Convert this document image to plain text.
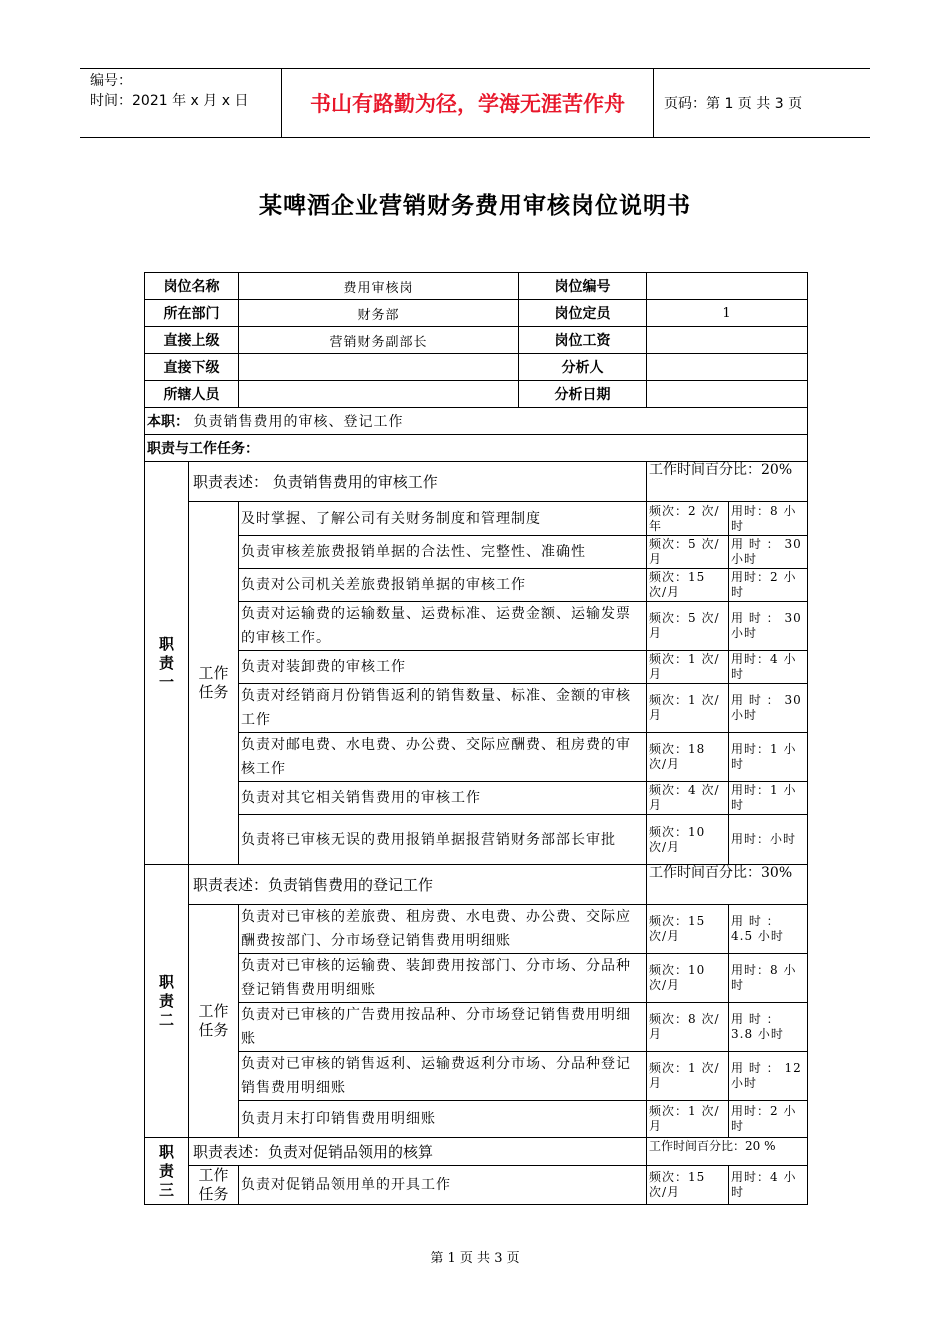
编号：
时间：2021 年 x 月 x 日	书山有路勤为径，学海无涯苦作舟	页码：第 1 页 共 3 页
某啤酒企业营销财务费用审核岗位说明书
岗位名称		费用审核岗	岗位编号		
所在部门		财务部	岗位定员	1	
直接上级		营销财务副部长	岗位工资		
直接下级			分析人		
所辖人员			分析日期		
本职： 负责销售费用的审核、登记工作					
职责与工作任务：					

职
责
一	职责表述： 负责销售费用的审核工作			工作时间百分比：20%	

	工作
任务	及时掌握、了解公司有关财务制度和管理制度		频次：2 次/年	用时：8 小时
		负责审核差旅费报销单据的合法性、完整性、准确性		频次：5 次/月	用 时 ： 30 小时
		负责对公司机关差旅费报销单据的审核工作		频次：15 次/月	用时：2 小时
		负责对运输费的运输数量、运费标准、运费金额、运输发票的审核工作。		频次：5 次/月	用 时 ： 30 小时
		负责对装卸费的审核工作		频次：1 次/月	用时：4 小时
		负责对经销商月份销售返利的销售数量、标准、金额的审核工作		频次：1 次/月	用 时 ： 30 小时
		负责对邮电费、水电费、办公费、交际应酬费、租房费的审核工作		频次：18 次/月	用时：1 小时
		负责对其它相关销售费用的审核工作		频次：4 次/月	用时：1 小时
		负责将已审核无误的费用报销单据报营销财务部部长审批		频次：10 次/月	用时：小时

职
责
二	职责表述：负责销售费用的登记工作			工作时间百分比：30%	

	工作
任务	负责对已审核的差旅费、租房费、水电费、办公费、交际应酬费按部门、分市场登记销售费用明细账		频次：15 次/月	用 时 ： 4.5 小时
		负责对已审核的运输费、装卸费用按部门、分市场、分品种登记销售费用明细账		频次：10 次/月	用时：8 小时
		负责对已审核的广告费用按品种、分市场登记销售费用明细账		频次：8 次/月	用 时 ： 3.8 小时
		负责对已审核的销售返利、运输费返利分市场、分品种登记销售费用明细账		频次：1 次/月	用 时 ： 12 小时
		负责月末打印销售费用明细账		频次：1 次/月	用时：2 小时

职
责
三	职责表述：负责对促销品领用的核算			工作时间百分比：20 %	

	工作
任务	负责对促销品领用单的开具工作		频次：15 次/月	用时：4 小时
第 1 页 共 3 页
